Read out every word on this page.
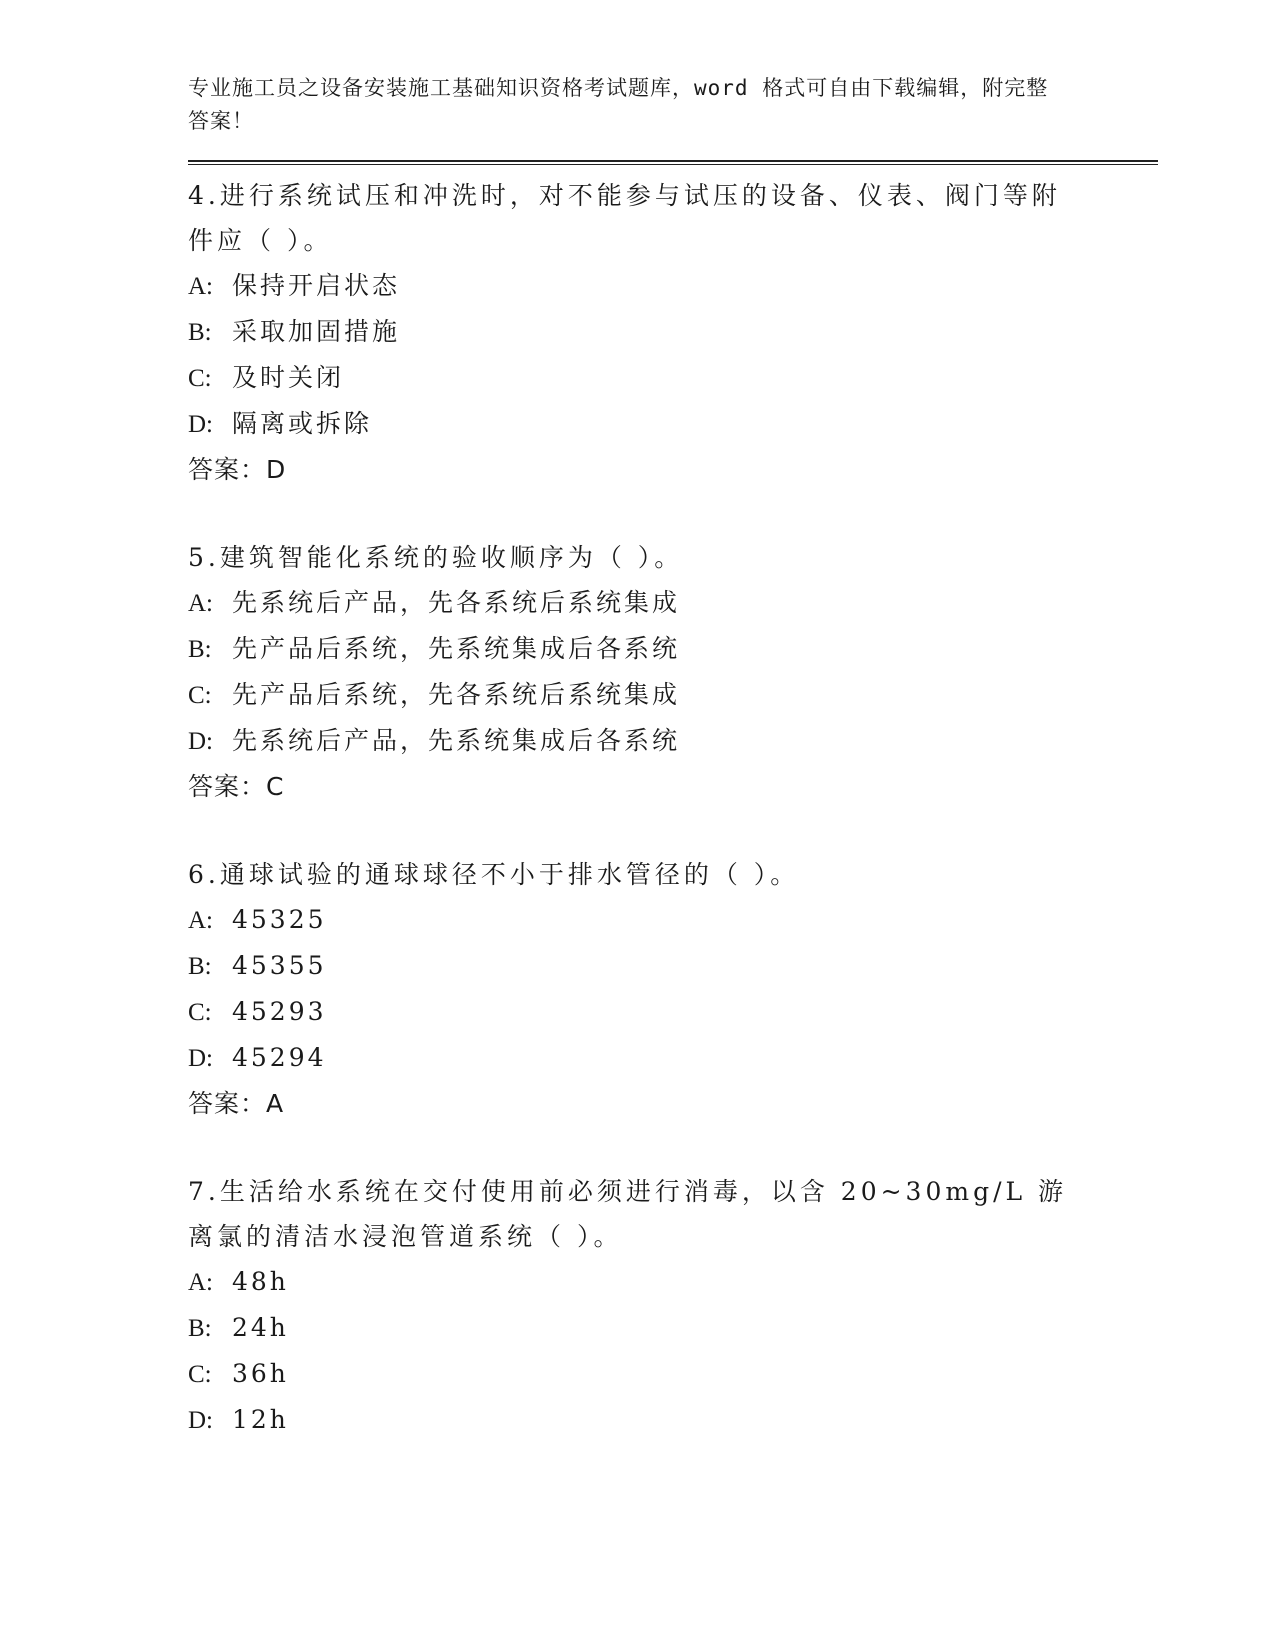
专业施工员之设备安装施工基础知识资格考试题库，word 格式可自由下载编辑，附完整答案！
4.进行系统试压和冲洗时，对不能参与试压的设备、仪表、阀门等附件应（ ）。
A: 保持开启状态
B: 采取加固措施
C: 及时关闭
D: 隔离或拆除
答案：D
5.建筑智能化系统的验收顺序为（ ）。
A: 先系统后产品，先各系统后系统集成
B: 先产品后系统，先系统集成后各系统
C: 先产品后系统，先各系统后系统集成
D: 先系统后产品，先系统集成后各系统
答案：C
6.通球试验的通球球径不小于排水管径的（ ）。
A: 45325
B: 45355
C: 45293
D: 45294
答案：A
7.生活给水系统在交付使用前必须进行消毒，以含 20~30mg/L 游离氯的清洁水浸泡管道系统（ ）。
A: 48h
B: 24h
C: 36h
D: 12h
